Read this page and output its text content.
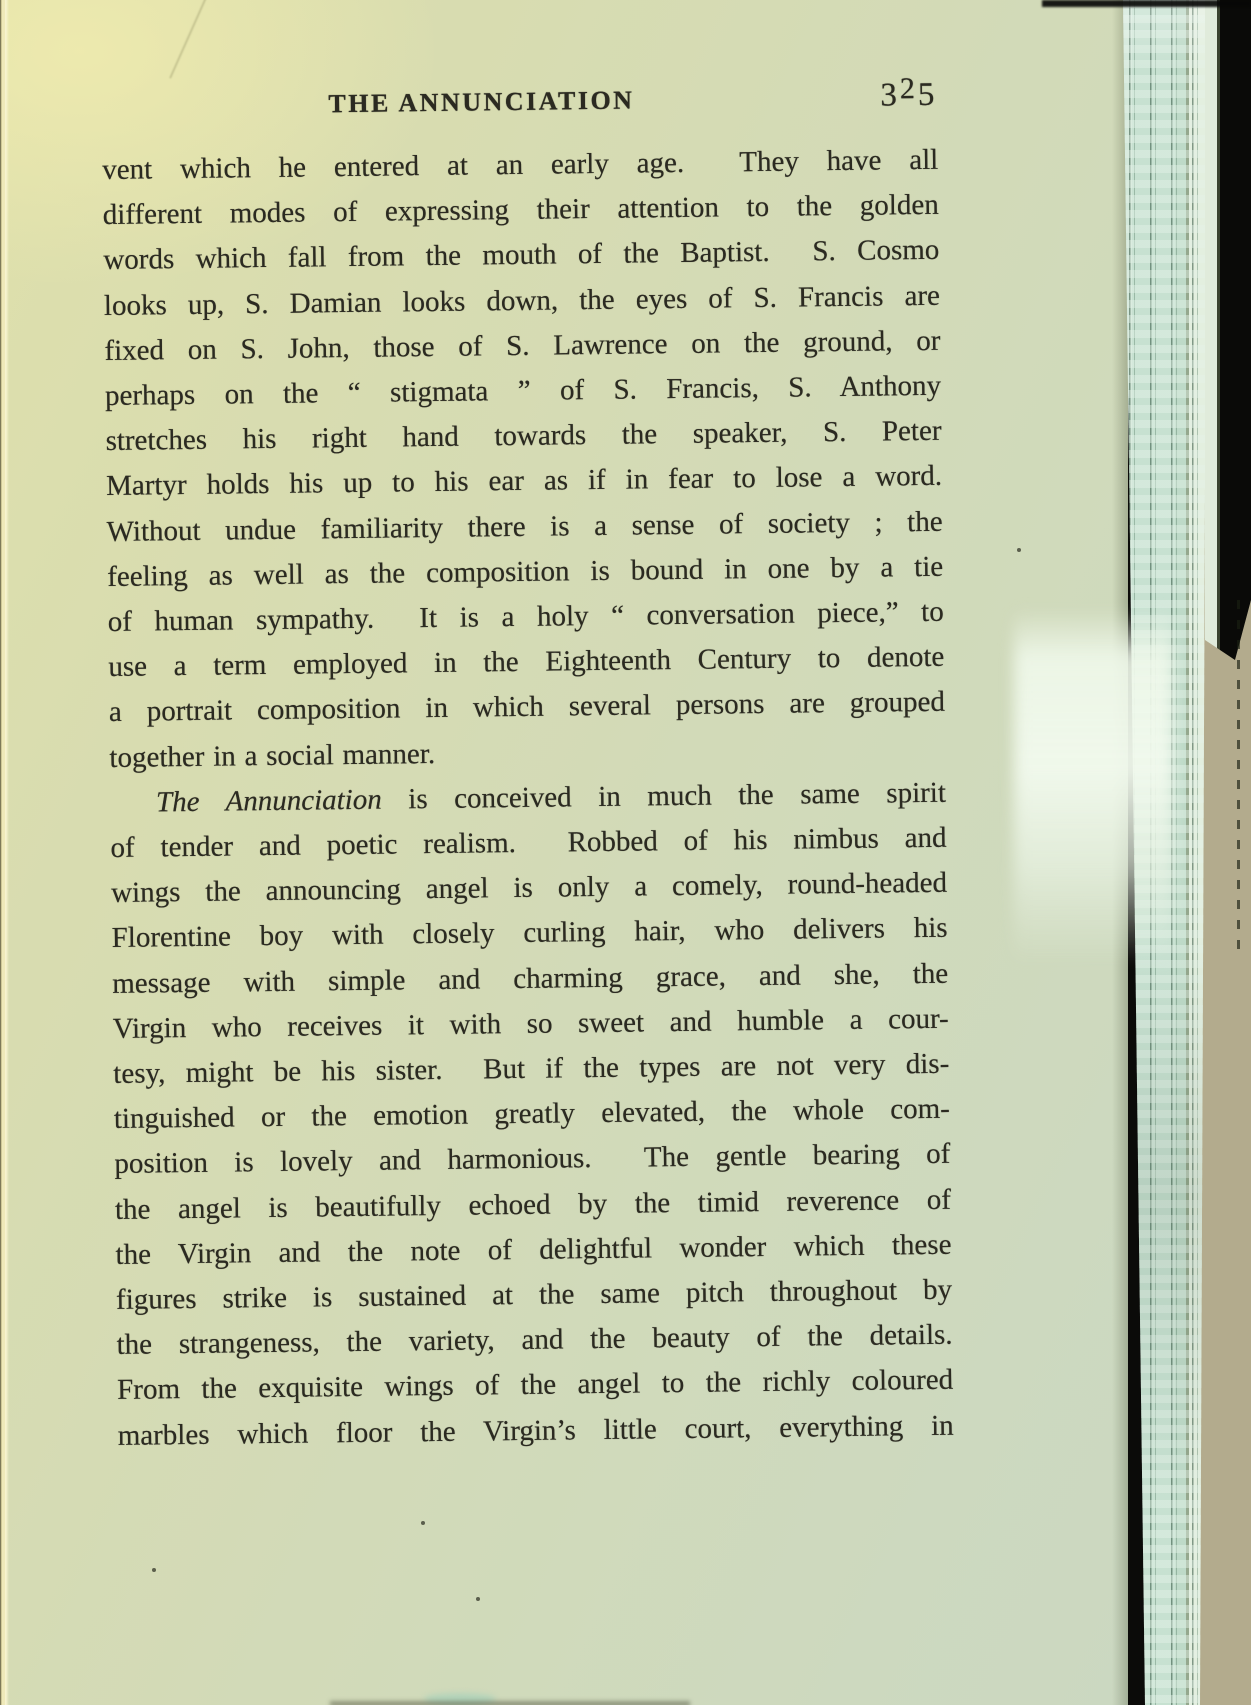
THE ANNUNCIATION	325
vent which he entered at an early age.  They have all
different modes of expressing their attention to the golden
words which fall from the mouth of the Baptist.  S. Cosmo
looks up, S. Damian looks down, the eyes of S. Francis are
fixed on S. John, those of S. Lawrence on the ground, or
perhaps on the “ stigmata ” of S. Francis, S. Anthony
stretches his right hand towards the speaker, S. Peter
Martyr holds his up to his ear as if in fear to lose a word.
Without undue familiarity there is a sense of society ; the
feeling as well as the composition is bound in one by a tie
of human sympathy.  It is a holy “ conversation piece,” to
use a term employed in the Eighteenth Century to denote
a portrait composition in which several persons are grouped
together in a social manner.
The Annunciation is conceived in much the same spirit
of tender and poetic realism.  Robbed of his nimbus and
wings the announcing angel is only a comely, round-headed
Florentine boy with closely curling hair, who delivers his
message with simple and charming grace, and she, the
Virgin who receives it with so sweet and humble a cour-
tesy, might be his sister.  But if the types are not very dis-
tinguished or the emotion greatly elevated, the whole com-
position is lovely and harmonious.  The gentle bearing of
the angel is beautifully echoed by the timid reverence of
the Virgin and the note of delightful wonder which these
figures strike is sustained at the same pitch throughout by
the strangeness, the variety, and the beauty of the details.
From the exquisite wings of the angel to the richly coloured
marbles which floor the Virgin’s little court, everything in
